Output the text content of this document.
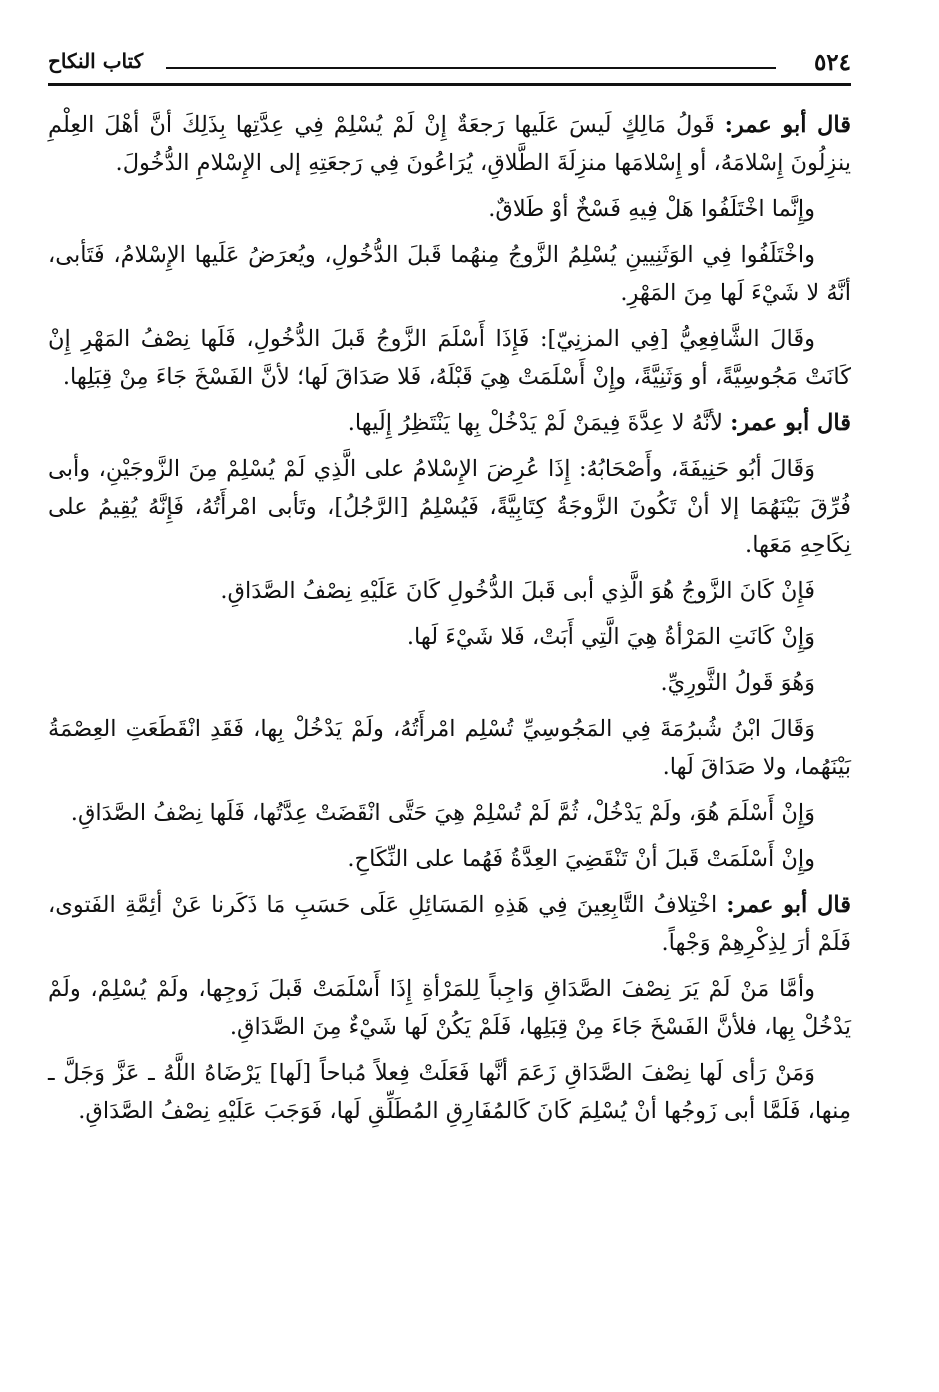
٥٢٤
كتاب النكاح

قال أبو عمر: قَولُ مَالِكٍ لَيسَ عَلَيها رَجعَةٌ إِنْ لَمْ يُسْلِمْ فِي عِدَّتِها بِذَلِكَ أنَّ أهْلَ العِلْمِ ينزِلُونَ إِسْلامَهُ، أو إِسْلامَها منزِلَةَ الطَّلاقِ، يُرَاعُونَ فِي رَجعَتِهِ إلى الإِسْلامِ الدُّخُولَ.

وإِنَّما اخْتَلَفُوا هَلْ فِيهِ فَسْخٌ أوْ طَلاقٌ.

واخْتَلَفُوا فِي الوَثَنِيينِ يُسْلِمُ الزَّوجُ مِنهُما قَبلَ الدُّخُولِ، ويُعرَضُ عَلَيها الإِسْلامُ، فَتَأبى، أنَّهُ لا شَيْءَ لَها مِنَ المَهْرِ.

وقَالَ الشَّافِعِيُّ [فِي المزنِيّ]: فَإِذَا أَسْلَمَ الزَّوجُ قَبلَ الدُّخُولِ، فَلَها نِصْفُ المَهْرِ إِنْ كَانَتْ مَجُوسِيَّةً، أو وَثَنِيَّةً، وإِنْ أَسْلَمَتْ هِيَ قَبْلَهُ، فَلا صَدَاقَ لَها؛ لأنَّ الفَسْخَ جَاءَ مِنْ قِبَلِها.

قال أبو عمر: لأنَّهُ لا عِدَّةَ فِيمَنْ لَمْ يَدْخُلْ بِها يَنْتَظِرُ إِلَيها.

وَقَالَ أبُو حَنِيفَةَ، وأَصْحَابُهُ: إِذَا عُرِضَ الإِسْلامُ على الَّذِي لَمْ يُسْلِمْ مِنَ الزَّوجَيْنِ، وأبى فُرِّقَ بَيْنَهُمَا إلا أنْ تَكُونَ الزَّوجَةُ كِتَابِيَّةً، فَيُسْلِمُ [الرَّجُلُ]، وتَأبى امْرأَتُهُ، فَإِنَّهُ يُقِيمُ على نِكَاحِهِ مَعَها.

فَإِنْ كَانَ الزَّوجُ هُوَ الَّذِي أبى قَبلَ الدُّخُولِ كَانَ عَلَيْهِ نِصْفُ الصَّدَاقِ.

وَإِنْ كَانَتِ المَرْأةُ هِيَ الَّتِي أَبَتْ، فَلا شَيْءَ لَها.

وَهُوَ قَولُ الثَّورِيِّ.

وَقَالَ ابْنُ شُبرُمَةَ فِي المَجُوسِيِّ تُسْلِم امْرأَتُهُ، ولَمْ يَدْخُلْ بِها، فَقَدِ انْقَطَعَتِ العِصْمَةُ بَيْنَهُما، ولا صَدَاقَ لَها.

وَإِنْ أَسْلَمَ هُوَ، ولَمْ يَدْخُلْ، ثُمَّ لَمْ تُسْلِمْ هِيَ حَتَّى انْقَضَتْ عِدَّتُها، فَلَها نِصْفُ الصَّدَاقِ.

وإِنْ أَسْلَمَتْ قَبلَ أنْ تَنْقَضِيَ العِدَّةُ فَهُما على النِّكَاحِ.

قال أبو عمر: اخْتِلافُ التَّابِعِينَ فِي هَذِهِ المَسَائِلِ عَلَى حَسَبِ مَا ذَكَرنا عَنْ أئِمَّةِ الفَتوى، فَلَمْ أرَ لِذِكْرِهِمْ وَجْهاً.

وأمَّا مَنْ لَمْ يَرَ نِصْفَ الصَّدَاقِ وَاجِباً لِلمَرْأةِ إِذَا أَسْلَمَتْ قَبلَ زَوجِها، ولَمْ يُسْلِمْ، ولَمْ يَدْخُلْ بِها، فلأنَّ الفَسْخَ جَاءَ مِنْ قِبَلِها، فَلَمْ يَكُنْ لَها شَيْءٌ مِنَ الصَّدَاقِ.

وَمَنْ رَأى لَها نِصْفَ الصَّدَاقِ زَعَمَ أنَّها فَعَلَتْ فِعلاً مُباحاً [لَها] يَرْضَاهُ اللَّهُ ـ عَزَّ وَجَلَّ ـ مِنها، فَلَمَّا أبى زَوجُها أنْ يُسْلِمَ كَانَ كَالمُفَارِقِ المُطَلِّقِ لَها، فَوَجَبَ عَلَيْهِ نِصْفُ الصَّدَاقِ.
